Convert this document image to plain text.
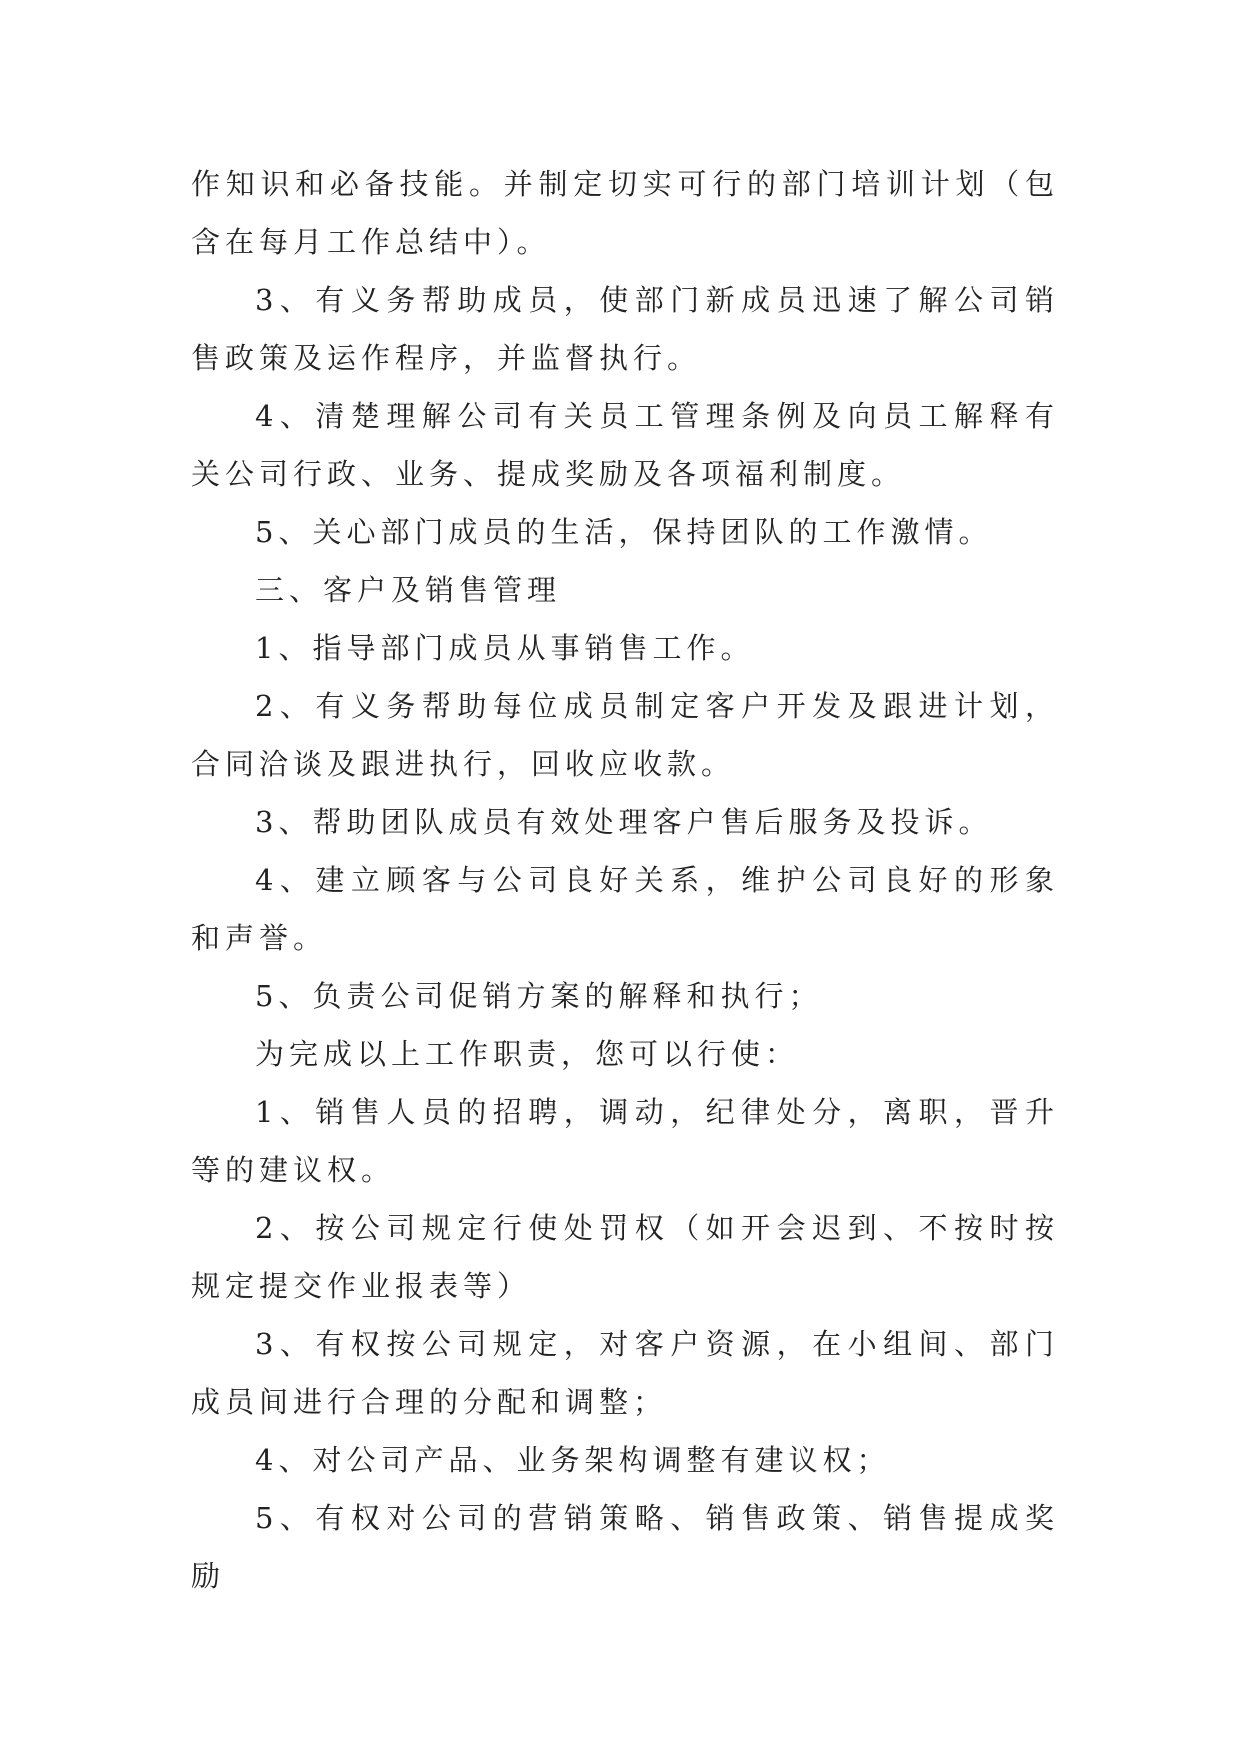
作知识和必备技能。并制定切实可行的部门培训计划（包含在每月工作总结中）。

3、有义务帮助成员，使部门新成员迅速了解公司销售政策及运作程序，并监督执行。

4、清楚理解公司有关员工管理条例及向员工解释有关公司行政、业务、提成奖励及各项福利制度。

5、关心部门成员的生活，保持团队的工作激情。

三、客户及销售管理

1、指导部门成员从事销售工作。

2、有义务帮助每位成员制定客户开发及跟进计划，合同洽谈及跟进执行，回收应收款。

3、帮助团队成员有效处理客户售后服务及投诉。

4、建立顾客与公司良好关系，维护公司良好的形象和声誉。

5、负责公司促销方案的解释和执行；

为完成以上工作职责，您可以行使：

1、销售人员的招聘，调动，纪律处分，离职，晋升等的建议权。

2、按公司规定行使处罚权（如开会迟到、不按时按规定提交作业报表等）

3、有权按公司规定，对客户资源，在小组间、部门成员间进行合理的分配和调整；

4、对公司产品、业务架构调整有建议权；

5、有权对公司的营销策略、销售政策、销售提成奖励
